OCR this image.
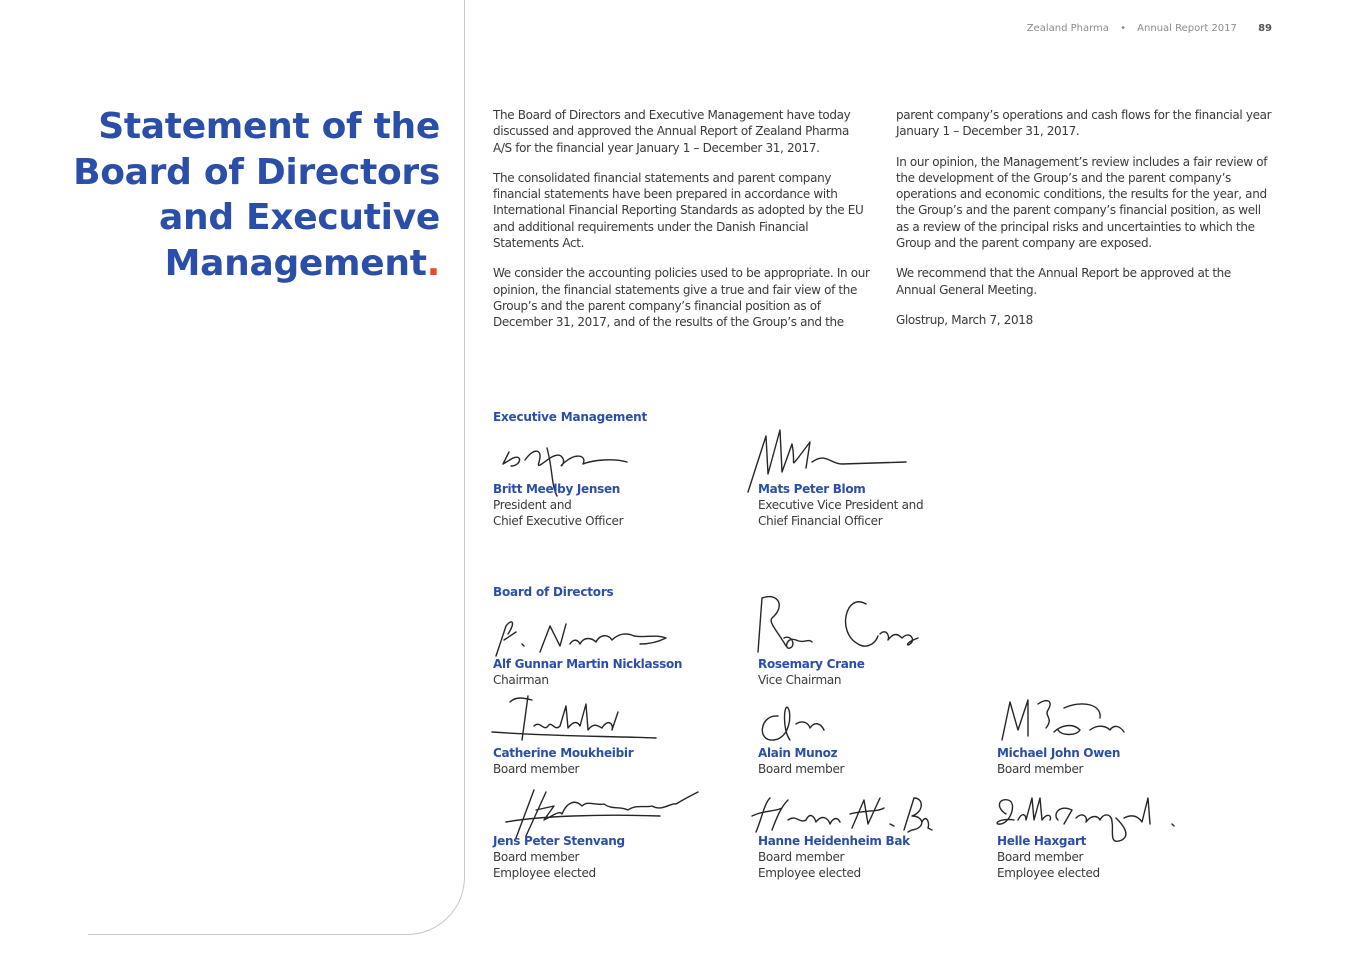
Zealand Pharma • Annual Report 2017 89
Statement of the
Board of Directors
and Executive
Management.

The Board of Directors and Executive Management have today discussed and approved the Annual Report of Zealand Pharma A/S for the financial year January 1 – December 31, 2017.

The consolidated financial statements and parent company financial statements have been prepared in accordance with International Financial Reporting Standards as adopted by the EU and additional requirements under the Danish Financial Statements Act.

We consider the accounting policies used to be appropriate. In our opinion, the financial statements give a true and fair view of the Group’s and the parent company’s financial position as of December 31, 2017, and of the results of the Group’s and the

parent company’s operations and cash flows for the financial year January 1 – December 31, 2017.

In our opinion, the Management’s review includes a fair review of the development of the Group’s and the parent company’s operations and economic conditions, the results for the year, and the Group’s and the parent company’s financial position, as well as a review of the principal risks and uncertainties to which the Group and the parent company are exposed.

We recommend that the Annual Report be approved at the Annual General Meeting.

Glostrup, March 7, 2018

Executive Management
Britt Meelby Jensen
President and
Chief Executive Officer
Mats Peter Blom
Executive Vice President and
Chief Financial Officer
Board of Directors
Alf Gunnar Martin Nicklasson
Chairman
Rosemary Crane
Vice Chairman
Catherine Moukheibir
Board member
Alain Munoz
Board member
Michael John Owen
Board member
Jens Peter Stenvang
Board member
Employee elected
Hanne Heidenheim Bak
Board member
Employee elected
Helle Haxgart
Board member
Employee elected
